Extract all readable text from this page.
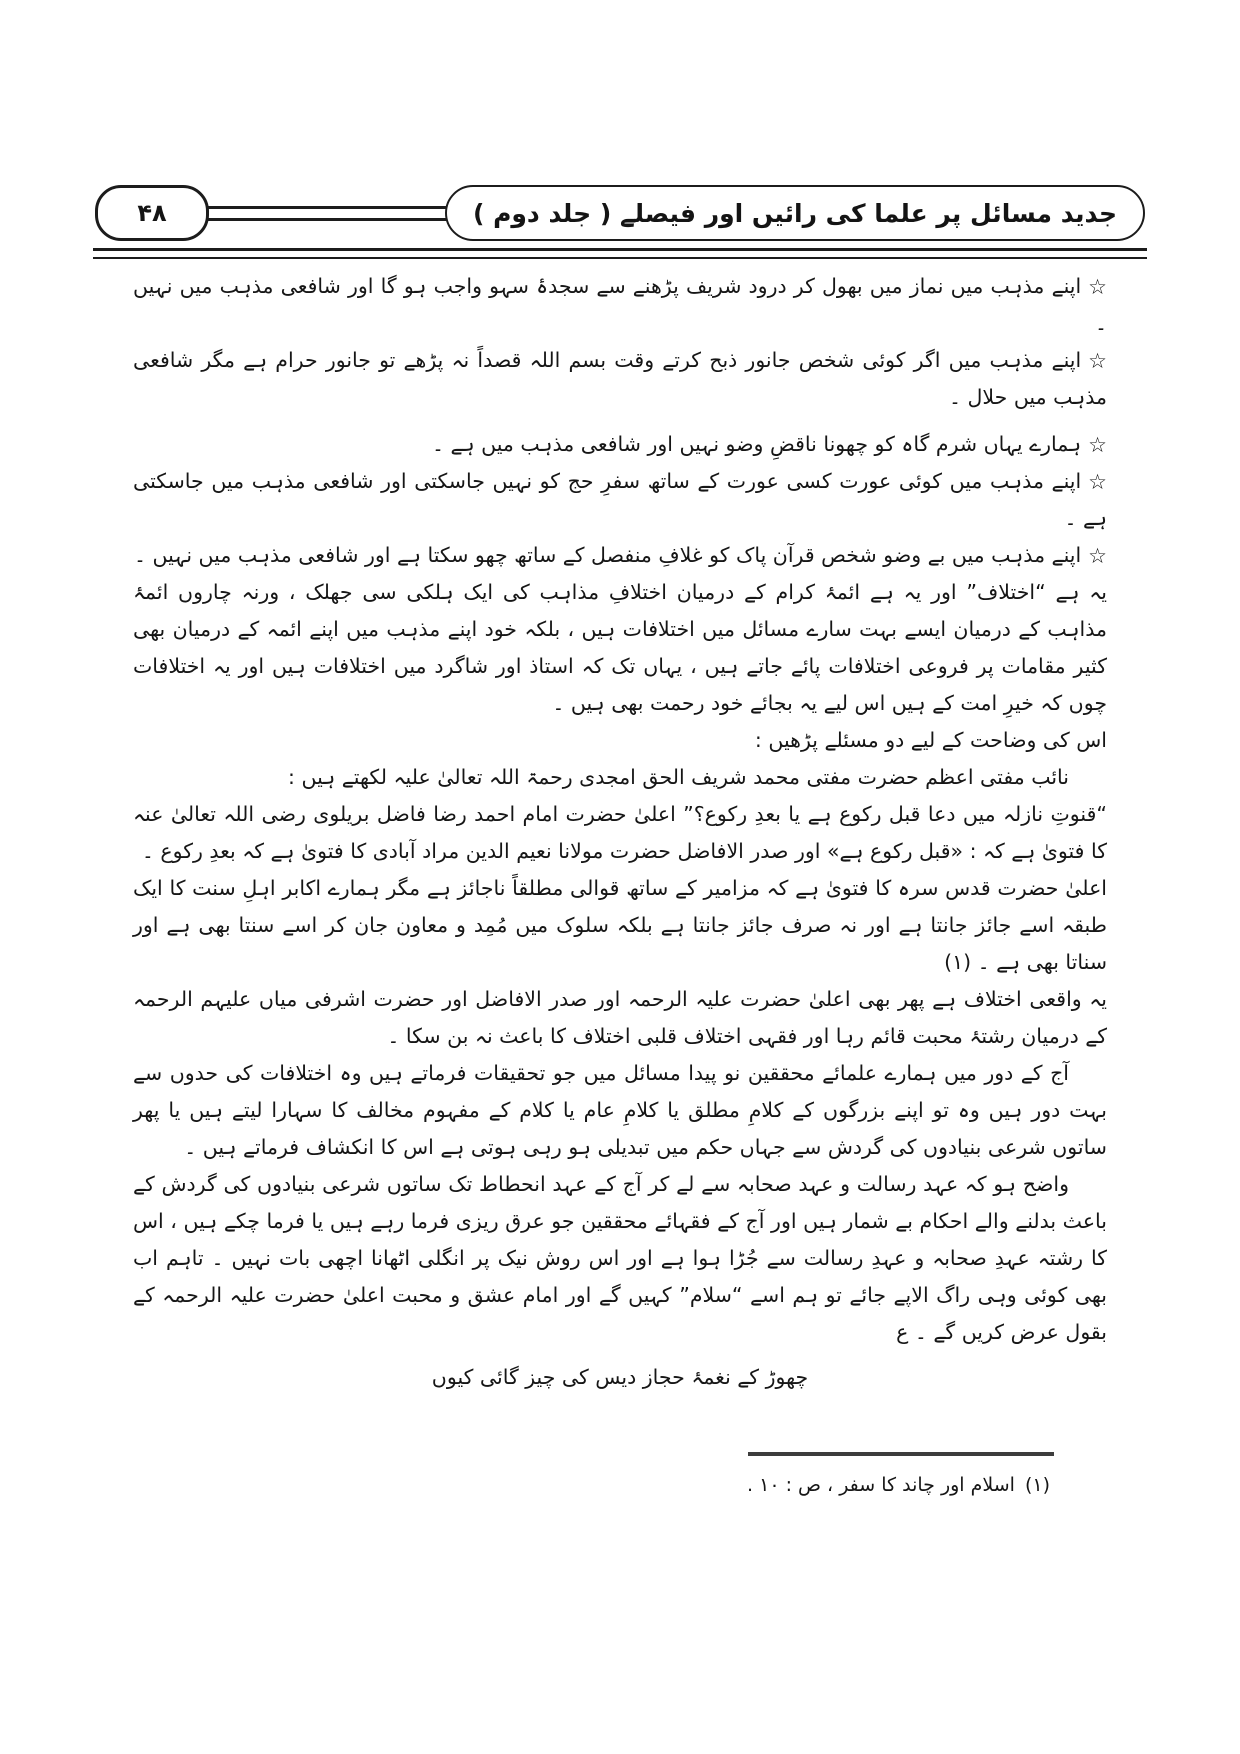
۴۸	جدید مسائل پر علما کی رائیں اور فیصلے ( جلد دوم )

☆اپنے مذہب میں نماز میں بھول کر درود شریف پڑھنے سے سجدۂ سہو واجب ہو گا اور شافعی مذہب میں نہیں ۔

☆اپنے مذہب میں اگر کوئی شخص جانور ذبح کرتے وقت بسم اللہ قصداً نہ پڑھے تو جانور حرام ہے مگر شافعی مذہب میں حلال ۔

☆ہمارے یہاں شرم گاہ کو چھونا ناقضِ وضو نہیں اور شافعی مذہب میں ہے ۔

☆اپنے مذہب میں کوئی عورت کسی عورت کے ساتھ سفرِ حج کو نہیں جاسکتی اور شافعی مذہب میں جاسکتی ہے ۔

☆اپنے مذہب میں بے وضو شخص قرآن پاک کو غلافِ منفصل کے ساتھ چھو سکتا ہے اور شافعی مذہب میں نہیں ۔

یہ ہے “اختلاف” اور یہ ہے ائمۂ کرام کے درمیان اختلافِ مذاہب کی ایک ہلکی سی جھلک ، ورنہ چاروں ائمۂ مذاہب کے درمیان ایسے بہت سارے مسائل میں اختلافات ہیں ، بلکہ خود اپنے مذہب میں اپنے ائمہ کے درمیان بھی کثیر مقامات پر فروعی اختلافات پائے جاتے ہیں ، یہاں تک کہ استاذ اور شاگرد میں اختلافات ہیں اور یہ اختلافات چوں کہ خیرِ امت کے ہیں اس لیے یہ بجائے خود رحمت بھی ہیں ۔

اس کی وضاحت کے لیے دو مسئلے پڑھیں :

نائب مفتی اعظم حضرت مفتی محمد شریف الحق امجدی رحمۃ اللہ تعالیٰ علیہ لکھتے ہیں :

“قنوتِ نازلہ میں دعا قبل رکوع ہے یا بعدِ رکوع؟” اعلیٰ حضرت امام احمد رضا فاضل بریلوی رضی اللہ تعالیٰ عنہ کا فتویٰ ہے کہ : «قبل رکوع ہے» اور صدر الافاضل حضرت مولانا نعیم الدین مراد آبادی کا فتویٰ ہے کہ بعدِ رکوع ۔

اعلیٰ حضرت قدس سرہ کا فتویٰ ہے کہ مزامیر کے ساتھ قوالی مطلقاً ناجائز ہے مگر ہمارے اکابر اہلِ سنت کا ایک طبقہ اسے جائز جانتا ہے اور نہ صرف جائز جانتا ہے بلکہ سلوک میں مُمِد و معاون جان کر اسے سنتا بھی ہے اور سناتا بھی ہے ۔ (۱)

یہ واقعی اختلاف ہے پھر بھی اعلیٰ حضرت علیہ الرحمہ اور صدر الافاضل اور حضرت اشرفی میاں علیہم الرحمہ کے درمیان رشتۂ محبت قائم رہا اور فقہی اختلاف قلبی اختلاف کا باعث نہ بن سکا ۔

آج کے دور میں ہمارے علمائے محققین نو پیدا مسائل میں جو تحقیقات فرماتے ہیں وہ اختلافات کی حدوں سے بہت دور ہیں وہ تو اپنے بزرگوں کے کلامِ مطلق یا کلامِ عام یا کلام کے مفہوم مخالف کا سہارا لیتے ہیں یا پھر ساتوں شرعی بنیادوں کی گردش سے جہاں حکم میں تبدیلی ہو رہی ہوتی ہے اس کا انکشاف فرماتے ہیں ۔

واضح ہو کہ عہد رسالت و عہد صحابہ سے لے کر آج کے عہد انحطاط تک ساتوں شرعی بنیادوں کی گردش کے باعث بدلنے والے احکام بے شمار ہیں اور آج کے فقہائے محققین جو عرق ریزی فرما رہے ہیں یا فرما چکے ہیں ، اس کا رشتہ عہدِ صحابہ و عہدِ رسالت سے جُڑا ہوا ہے اور اس روش نیک پر انگلی اٹھانا اچھی بات نہیں ۔ تاہم اب بھی کوئی وہی راگ الاپے جائے تو ہم اسے “سلام” کہیں گے اور امام عشق و محبت اعلیٰ حضرت علیہ الرحمہ کے بقول عرض کریں گے ۔ ع

چھوڑ کے نغمۂ حجاز دیس کی چیز گائی کیوں

(۱)اسلام اور چاند کا سفر ، ص : ۱۰ .
